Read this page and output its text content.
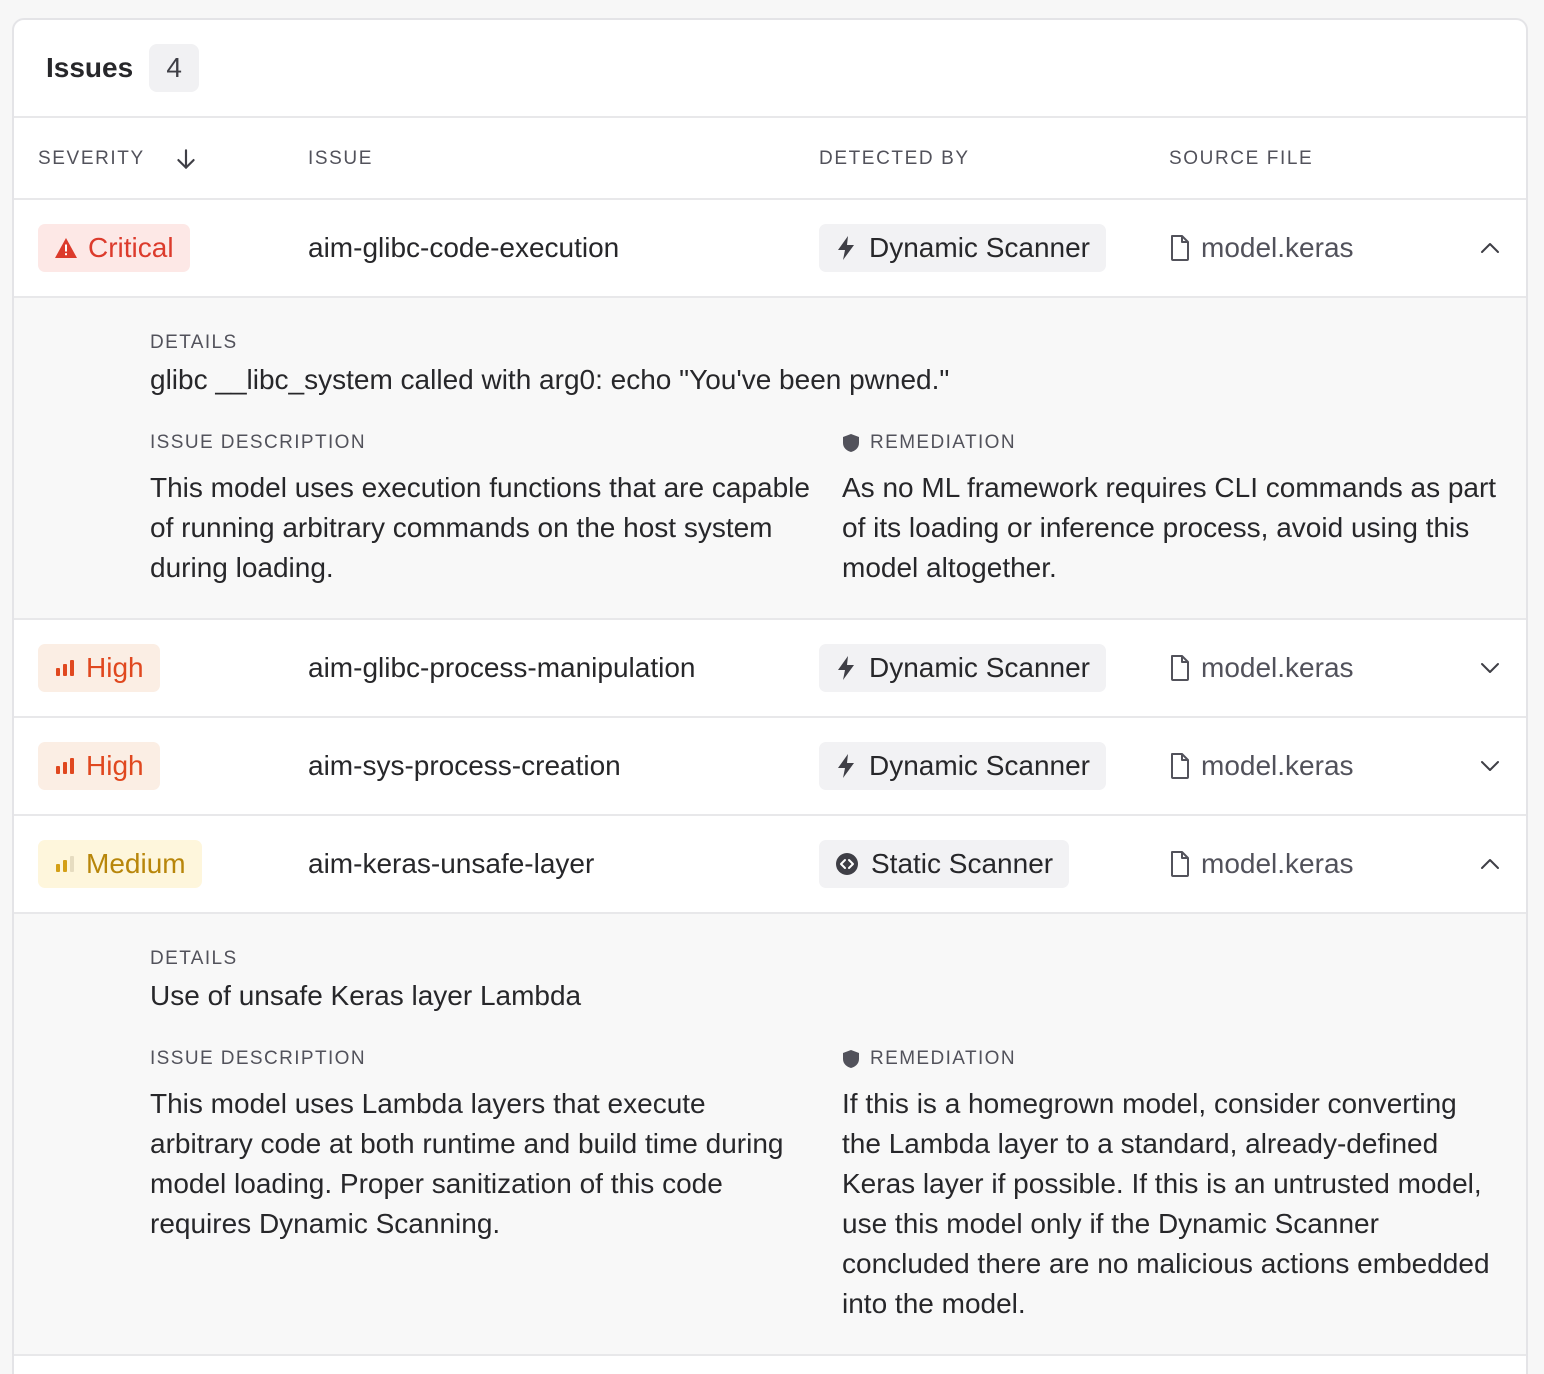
Issues	4
SEVERITY	ISSUE	DETECTED BY	SOURCE FILE
Critical	aim-glibc-code-execution	Dynamic Scanner	model.keras
DETAILS
glibc __libc_system called with arg0: echo "You've been pwned."
ISSUE DESCRIPTION
This model uses execution functions that are capable of running arbitrary commands on the host system during loading.
REMEDIATION
As no ML framework requires CLI commands as part of its loading or inference process, avoid using this model altogether.
High	aim-glibc-process-manipulation	Dynamic Scanner	model.keras
High	aim-sys-process-creation	Dynamic Scanner	model.keras
Medium	aim-keras-unsafe-layer	Static Scanner	model.keras
DETAILS
Use of unsafe Keras layer Lambda
ISSUE DESCRIPTION
This model uses Lambda layers that execute arbitrary code at both runtime and build time during model loading. Proper sanitization of this code requires Dynamic Scanning.
REMEDIATION
If this is a homegrown model, consider converting the Lambda layer to a standard, already-defined Keras layer if possible. If this is an untrusted model, use this model only if the Dynamic Scanner concluded there are no malicious actions embedded into the model.
